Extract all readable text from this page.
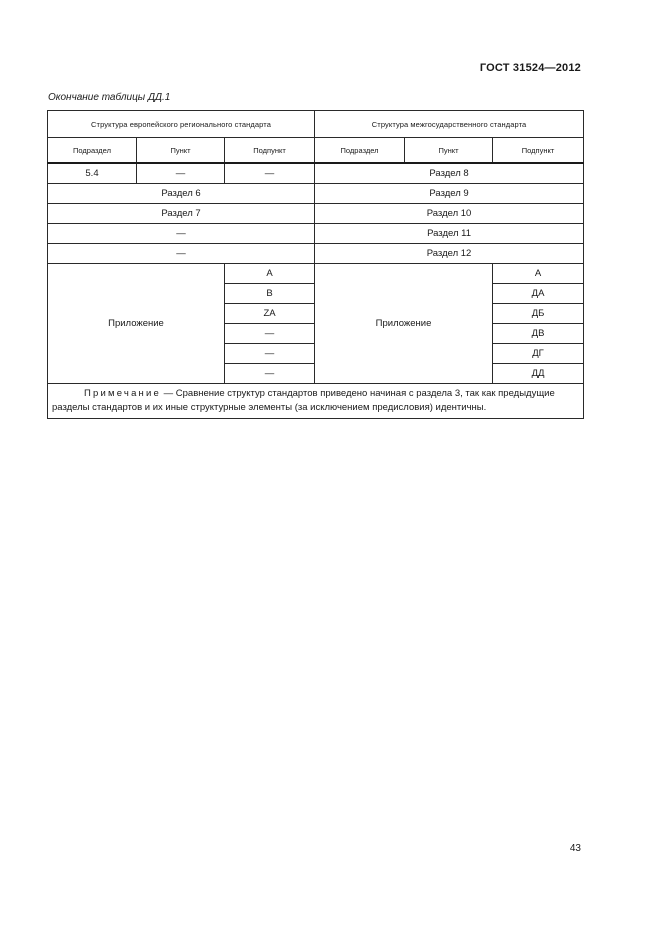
ГОСТ 31524—2012
Окончание таблицы ДД.1
Структура европейского регионального стандарта			Структура межгосударственного стандарта		
Подраздел	Пункт	Подпункт	Подраздел	Пункт	Подпункт
5.4	—	—	Раздел 8		
Раздел 6			Раздел 9		
Раздел 7			Раздел 10		
—			Раздел 11		
—			Раздел 12		
Приложение		A	Приложение		А
		B			ДА
		ZA			ДБ
		—			ДВ
		—			ДГ
		—			ДД
Примечание — Сравнение структур стандартов приведено начиная с раздела 3, так как предыдущие разделы стандартов и их иные структурные элементы (за исключением предисловия) идентичны.					
43
